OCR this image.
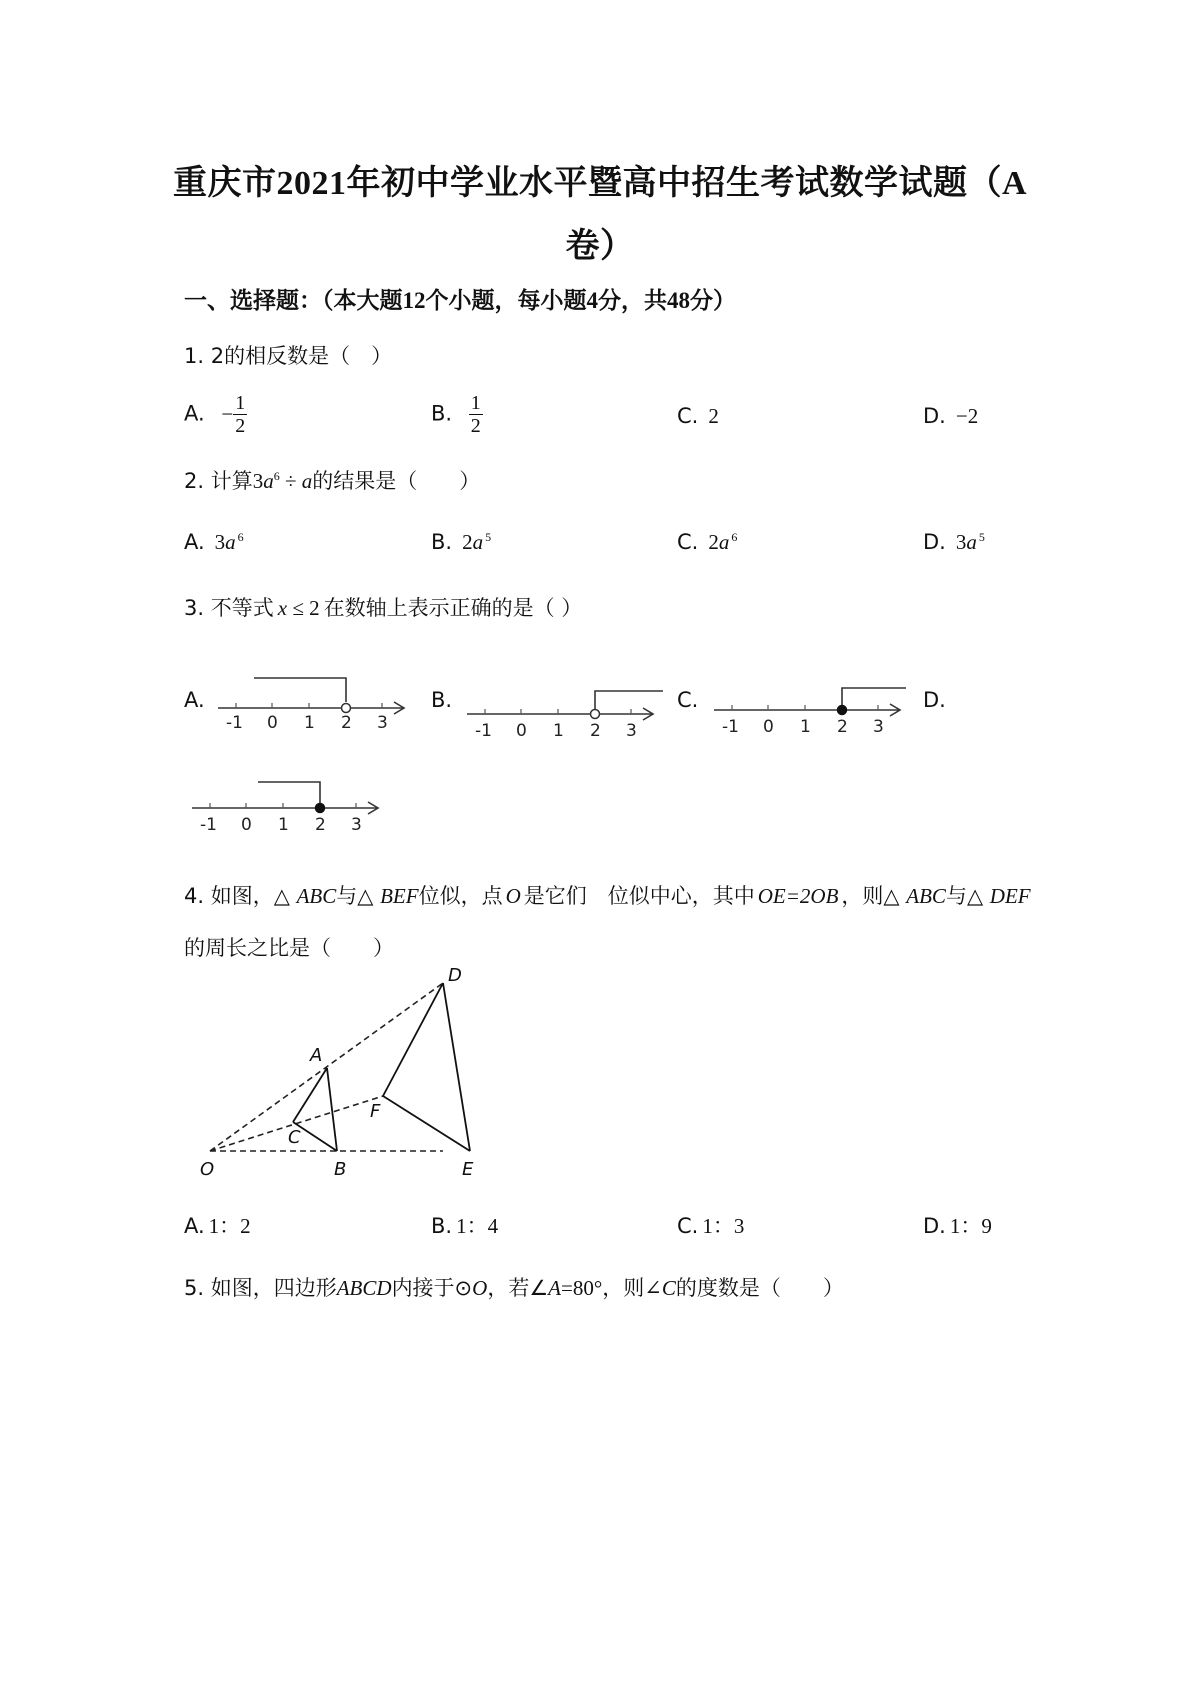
重庆市2021年初中学业水平暨高中招生考试数学试题（A
卷）
一、选择题：（本大题12个小题，每小题4分，共48分）
1. 2的相反数是（　）
A. − $\frac{1}{2}$	B. $\frac{1}{2}$	C. 2	D. −2
2. 计算$3a^6 \div a$的结果是（　　）
A. 3a $^6$	B. 2a $^5$	C. 2a $^6$	D. 3a $^5$
3. 不等式 x ≤ 2 在数轴上表示正确的是（ ）
A.	B.	C.	D.
-1 0 1 2 3	-1 0 1 2 3	-1 0 1 2 3
-1 0 1 2 3
4. 如图，△ ABC与△ BEF位似，点 O 是它们　位似中心，其中 OE=2OB ，则△ ABC与△ DEF
的周长之比是（　　）
A
D
F
C
O	B	E
A. 1：2	B. 1：4	C. 1：3	D. 1：9
5. 如图，四边形ABCD内接于⊙O，若∠A=80°，则∠C的度数是（　　）
